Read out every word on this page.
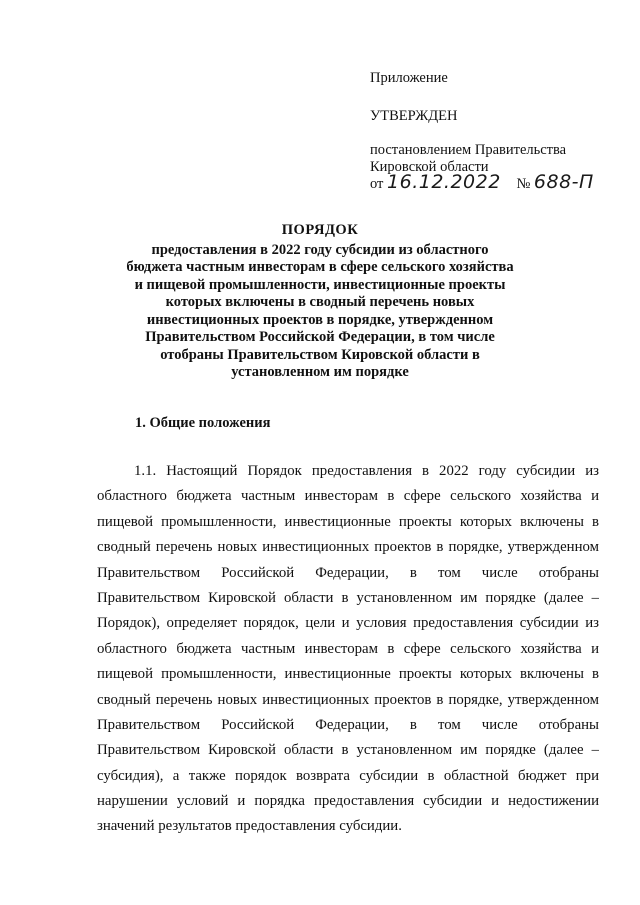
Приложение
УТВЕРЖДЕН
постановлением Правительства
Кировской области
от 16.12.2022 № 688-П
ПОРЯДОК
предоставления в 2022 году субсидии из областного
бюджета частным инвесторам в сфере сельского хозяйства
и пищевой промышленности, инвестиционные проекты
которых включены в сводный перечень новых
инвестиционных проектов в порядке, утвержденном
Правительством Российской Федерации, в том числе
отобраны Правительством Кировской области в
установленном им порядке
1. Общие положения
1.1. Настоящий Порядок предоставления в 2022 году субсидии из
областного бюджета частным инвесторам в сфере сельского хозяйства и
пищевой промышленности, инвестиционные проекты которых включены в
сводный перечень новых инвестиционных проектов в порядке, утвержденном
Правительством Российской Федерации, в том числе отобраны
Правительством Кировской области в установленном им порядке (далее –
Порядок), определяет порядок, цели и условия предоставления субсидии из
областного бюджета частным инвесторам в сфере сельского хозяйства и
пищевой промышленности, инвестиционные проекты которых включены в
сводный перечень новых инвестиционных проектов в порядке, утвержденном
Правительством Российской Федерации, в том числе отобраны
Правительством Кировской области в установленном им порядке (далее –
субсидия), а также порядок возврата субсидии в областной бюджет при
нарушении условий и порядка предоставления субсидии и недостижении
значений результатов предоставления субсидии.
